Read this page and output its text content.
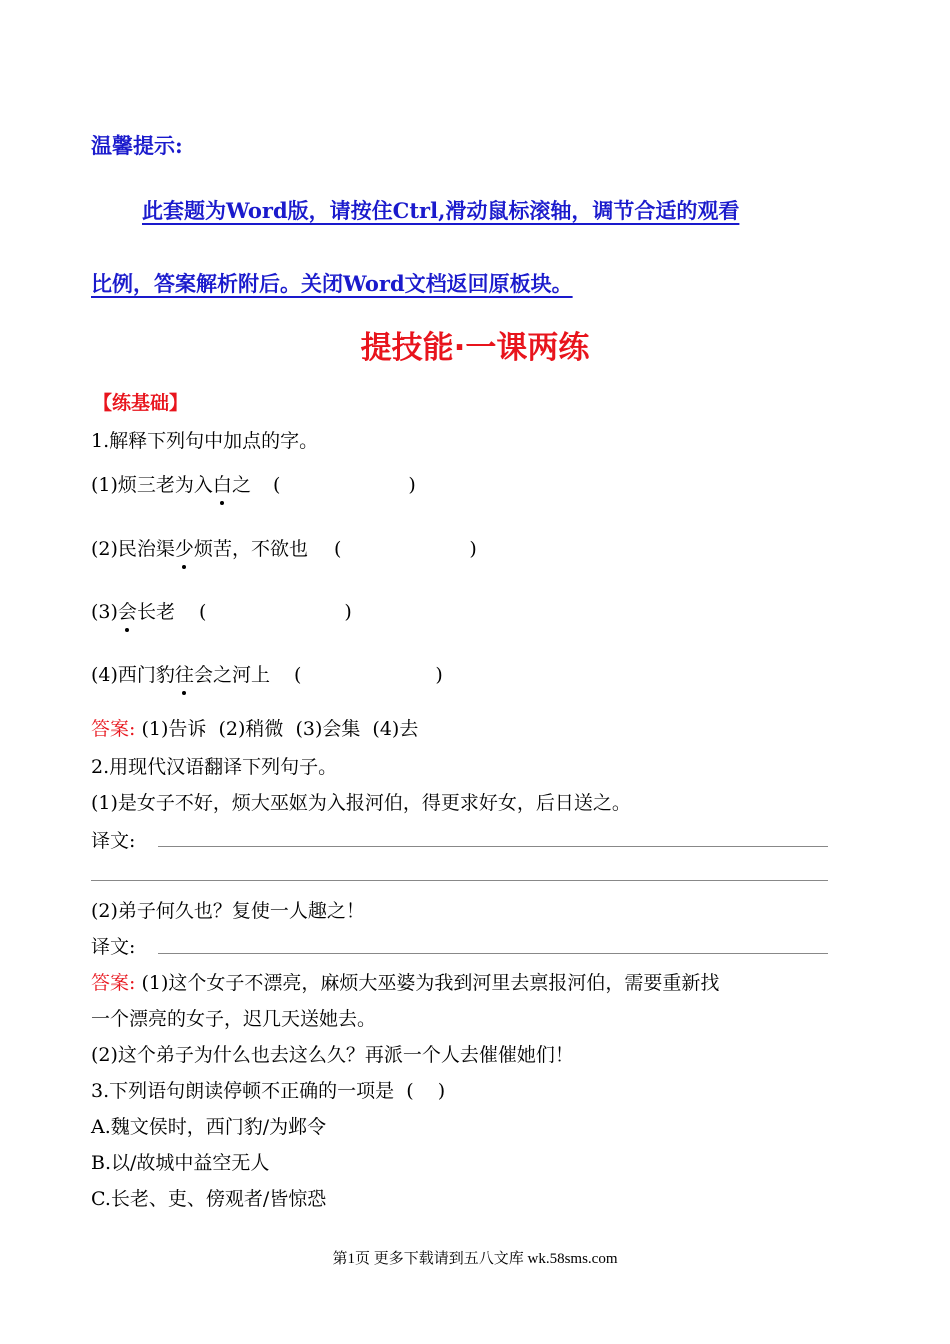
温馨提示:
此套题为Word版，请按住Ctrl,滑动鼠标滚轴，调节合适的观看
比例，答案解析附后。关闭Word文档返回原板块。
提技能·一课两练
【练基础】
1.解释下列句中加点的字。
(1)烦三老为入白之 (	)
(2)民治渠少烦苦，不欲也 (	)
(3)会长老 (	)
(4)西门豹往会之河上 (	)
答案: (1)告诉  (2)稍微  (3)会集  (4)去
2.用现代汉语翻译下列句子。
(1)是女子不好，烦大巫妪为入报河伯，得更求好女，后日送之。
译文:
(2)弟子何久也？复使一人趣之！
译文:
答案: (1)这个女子不漂亮，麻烦大巫婆为我到河里去禀报河伯，需要重新找
一个漂亮的女子，迟几天送她去。
(2)这个弟子为什么也去这么久？再派一个人去催催她们！
3.下列语句朗读停顿不正确的一项是  (    )
A.魏文侯时，西门豹/为邺令
B.以/故城中益空无人
C.长老、吏、傍观者/皆惊恐
第1页 更多下载请到五八文库 wk.58sms.com
